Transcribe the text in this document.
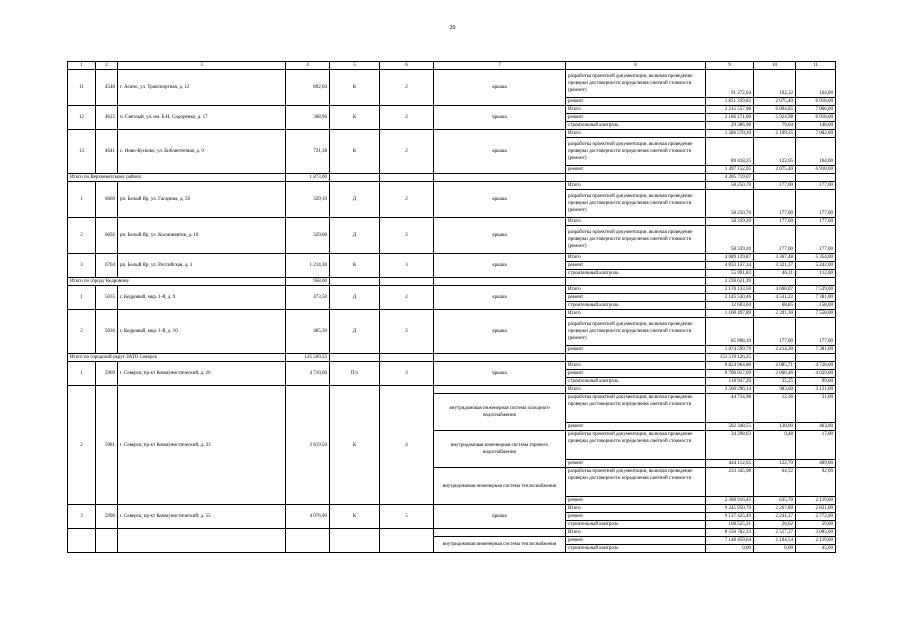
20
1	2	3	4	5	6	7	8	9	10	11
11	4540	г. Асино, ул. Транспортная, д. 12	892,04	К	2	крыша	разработка проектной документации, включая проведение проверки достоверности определения сметной стоимости (ремонт)	91 272,64	102,32	164,00
							ремонт	1 851 339,82	2 075,40	6 918,00
12	4625	п. Светлый, ул. им. Б.Н. Сидоренко, д. 17	368,96	К	2	крыша	Итого	2 215 557,98	6 004,85	7 066,00
							ремонт	2 186 171,00	5 924,98	6 918,00
							строительный контроль	29 386,98	79,64	148,00
13	4641	с. Ново-Кусково, ул. Библиотечная, д. 9	721,38	К	2	крыша	Итого	1 586 570,30	2 199,35	7 082,00
							разработка проектной документации, включая проведение проверки достоверности определения сметной стоимости (ремонт)	89 418,25	123,95	164,00
							ремонт	1 497 152,05	2 075,40	6 918,00
Итого по Верхнекетскому району			1 873,00					4 205 719,07		
1	6660	рп. Белый Яр, ул. Гагарина, д. 56	329,10	Д	2	крыша	Итого	58 250,70	177,00	177,00
							разработка проектной документации, включая проведение проверки достоверности определения сметной стоимости (ремонт)	58 250,70	177,00	177,00
2	6692	рп. Белый Яр, ул. Космонавтов, д. 10	329,60	Д	2	крыша	Итого	58 339,20	177,00	177,00
							разработка проектной документации, включая проведение проверки достоверности определения сметной стоимости (ремонт)	58 339,20	177,00	177,00
3	6704	рп. Белый Яр, ул. Российская, д. 1	1 214,30	К	3	крыша	Итого	4 089 129,87	3 367,48	5 354,00
							ремонт	4 033 137,34	3 321,37	5 242,00
							строительный контроль	55 991,83	46,11	112,00
Итого по городу Кедровому			958,60					2 238 621,39		
1	5035	г. Кедровый, мкр. 1-й, д. 9	473,50	Д	2	крыша	Итого	2 178 133,50	4 600,07	7 539,00
							ремонт	2 145 530,46	4 531,22	7 381,00
							строительный контроль	32 603,04	68,85	158,00
2	5036	г. Кедровый, мкр. 1-й, д. 10	485,30	Д	2	крыша	Итого	1 160 497,89	2 391,30	7 558,00
							разработка проектной документации, включая проведение проверки достоверности определения сметной стоимости (ремонт)	85 898,10	177,00	177,00
							ремонт	1 074 599,79	2 214,30	7 381,00
Итого по городской округ ЗАТО Северск			125 569,33					151 519 126,25		
1	5969	г. Северск, пр-кт Коммунистический, д. 20	4 710,60	П/з	3	крыша	Итого	9 824 964,88	2 085,71	4 728,00
							ремонт	9 706 017,69	2 060,46	4 629,00
							строительный контроль	118 947,20	25,25	99,00
2	5981	г. Северск, пр-кт Коммунистический, д. 33	3 619,50	К	4		Итого	3 560 296,14	983,60	3 121,00
						внутридомовая инженерная система холодного водоснабжения	разработка проектной документации, включая проведение проверки достоверности определения сметной стоимости	44 734,98	12,36	21,00
							ремонт	502 348,55	138,00	463,00
						внутридомовая инженерная система горячего водоснабжения	разработка проектной документации, включая проведение проверки достоверности определения сметной стоимости	34 298,03	9,48	17,00
							ремонт	444 112,65	122,70	409,00
						внутридомовая инженерная система теплоснабжения	разработка проектной документации, включая проведение проверки достоверности определения сметной стоимости	233 345,98	64,52	92,00
							ремонт	2 300 916,45	635,70	2 119,00
3	5996	г. Северск, пр-кт Коммунистический, д. 55	4 076,90	К	5	крыша	Итого	9 245 950,70	2 267,89	2 831,00
							ремонт	9 137 425,49	2 241,27	2 772,00
							строительный контроль	108 525,21	26,62	59,00
							Итого	8 550 782,33	2 517,37	3 085,00
						внутридомовая инженерная система теплоснабжения	ремонт	7 148 459,64	2 104,54	2 119,00
							строительный контроль	0,00	0,00	45,00
